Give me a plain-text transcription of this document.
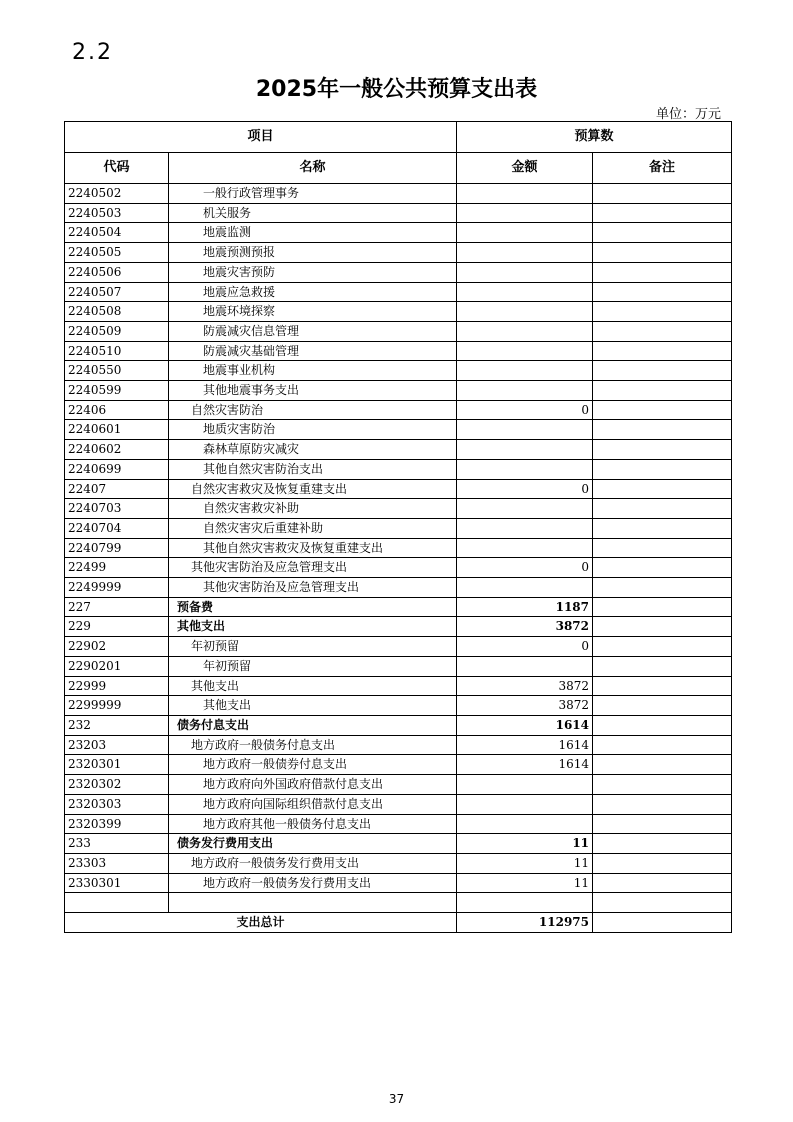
2.2
2025年一般公共预算支出表
单位：万元
项目		预算数	
代码	名称	金额	备注
2240502	一般行政管理事务		
2240503	机关服务		
2240504	地震监测		
2240505	地震预测预报		
2240506	地震灾害预防		
2240507	地震应急救援		
2240508	地震环境探察		
2240509	防震减灾信息管理		
2240510	防震减灾基础管理		
2240550	地震事业机构		
2240599	其他地震事务支出		
22406	自然灾害防治	0	
2240601	地质灾害防治		
2240602	森林草原防灾减灾		
2240699	其他自然灾害防治支出		
22407	自然灾害救灾及恢复重建支出	0	
2240703	自然灾害救灾补助		
2240704	自然灾害灾后重建补助		
2240799	其他自然灾害救灾及恢复重建支出		
22499	其他灾害防治及应急管理支出	0	
2249999	其他灾害防治及应急管理支出		
227	预备费	1187	
229	其他支出	3872	
22902	年初预留	0	
2290201	年初预留		
22999	其他支出	3872	
2299999	其他支出	3872	
232	债务付息支出	1614	
23203	地方政府一般债务付息支出	1614	
2320301	地方政府一般债券付息支出	1614	
2320302	地方政府向外国政府借款付息支出		
2320303	地方政府向国际组织借款付息支出		
2320399	地方政府其他一般债务付息支出		
233	债务发行费用支出	11	
23303	地方政府一般债务发行费用支出	11	
2330301	地方政府一般债务发行费用支出	11	

支出总计		112975	
37
